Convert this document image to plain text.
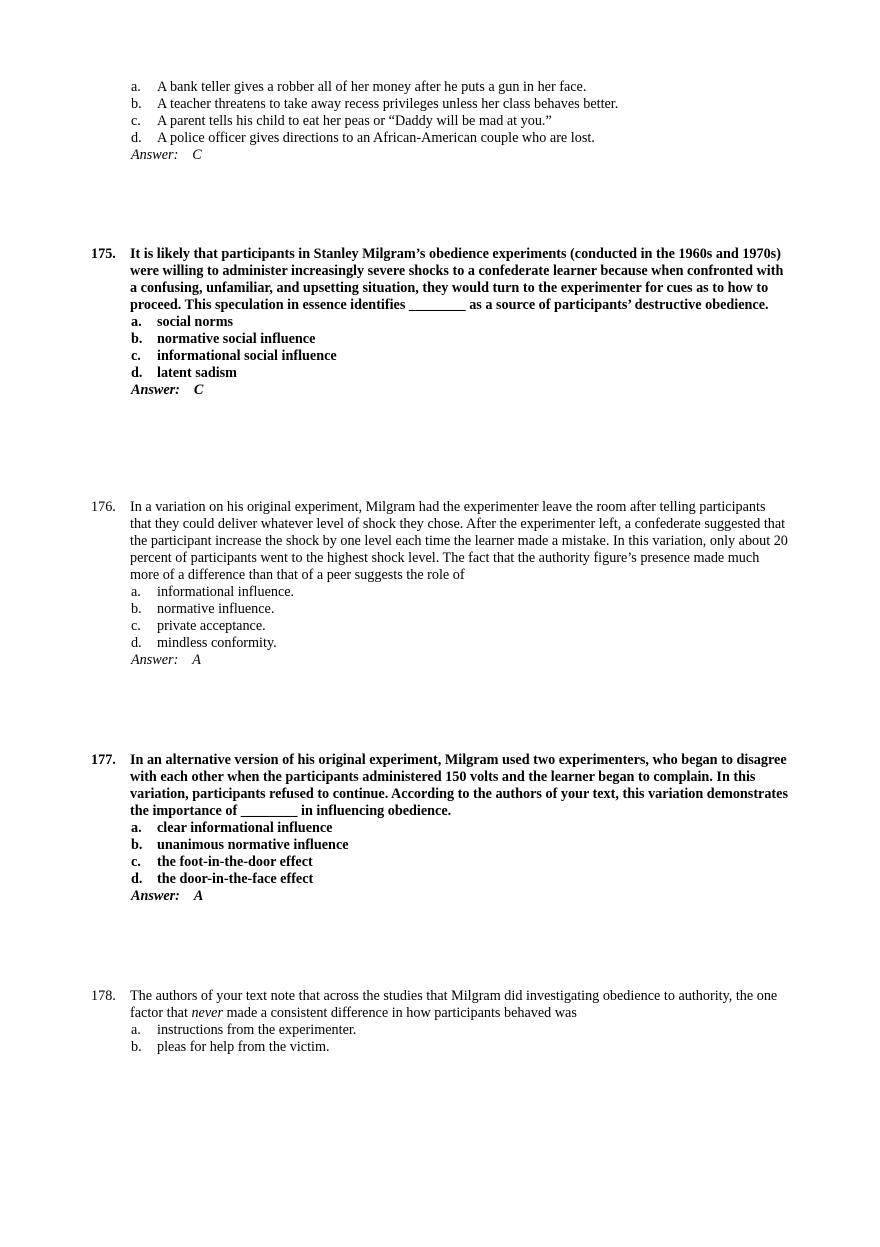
a. A bank teller gives a robber all of her money after he puts a gun in her face.
b. A teacher threatens to take away recess privileges unless her class behaves better.
c. A parent tells his child to eat her peas or “Daddy will be mad at you.”
d. A police officer gives directions to an African-American couple who are lost.
Answer: C
175. It is likely that participants in Stanley Milgram’s obedience experiments (conducted in the 1960s and 1970s) were willing to administer increasingly severe shocks to a confederate learner because when confronted with a confusing, unfamiliar, and upsetting situation, they would turn to the experimenter for cues as to how to proceed. This speculation in essence identifies ________ as a source of participants’ destructive obedience.
a. social norms
b. normative social influence
c. informational social influence
d. latent sadism
Answer: C
176. In a variation on his original experiment, Milgram had the experimenter leave the room after telling participants that they could deliver whatever level of shock they chose. After the experimenter left, a confederate suggested that the participant increase the shock by one level each time the learner made a mistake. In this variation, only about 20 percent of participants went to the highest shock level. The fact that the authority figure’s presence made much more of a difference than that of a peer suggests the role of
a. informational influence.
b. normative influence.
c. private acceptance.
d. mindless conformity.
Answer: A
177. In an alternative version of his original experiment, Milgram used two experimenters, who began to disagree with each other when the participants administered 150 volts and the learner began to complain. In this variation, participants refused to continue. According to the authors of your text, this variation demonstrates the importance of ________ in influencing obedience.
a. clear informational influence
b. unanimous normative influence
c. the foot-in-the-door effect
d. the door-in-the-face effect
Answer: A
178. The authors of your text note that across the studies that Milgram did investigating obedience to authority, the one factor that never made a consistent difference in how participants behaved was
a. instructions from the experimenter.
b. pleas for help from the victim.
